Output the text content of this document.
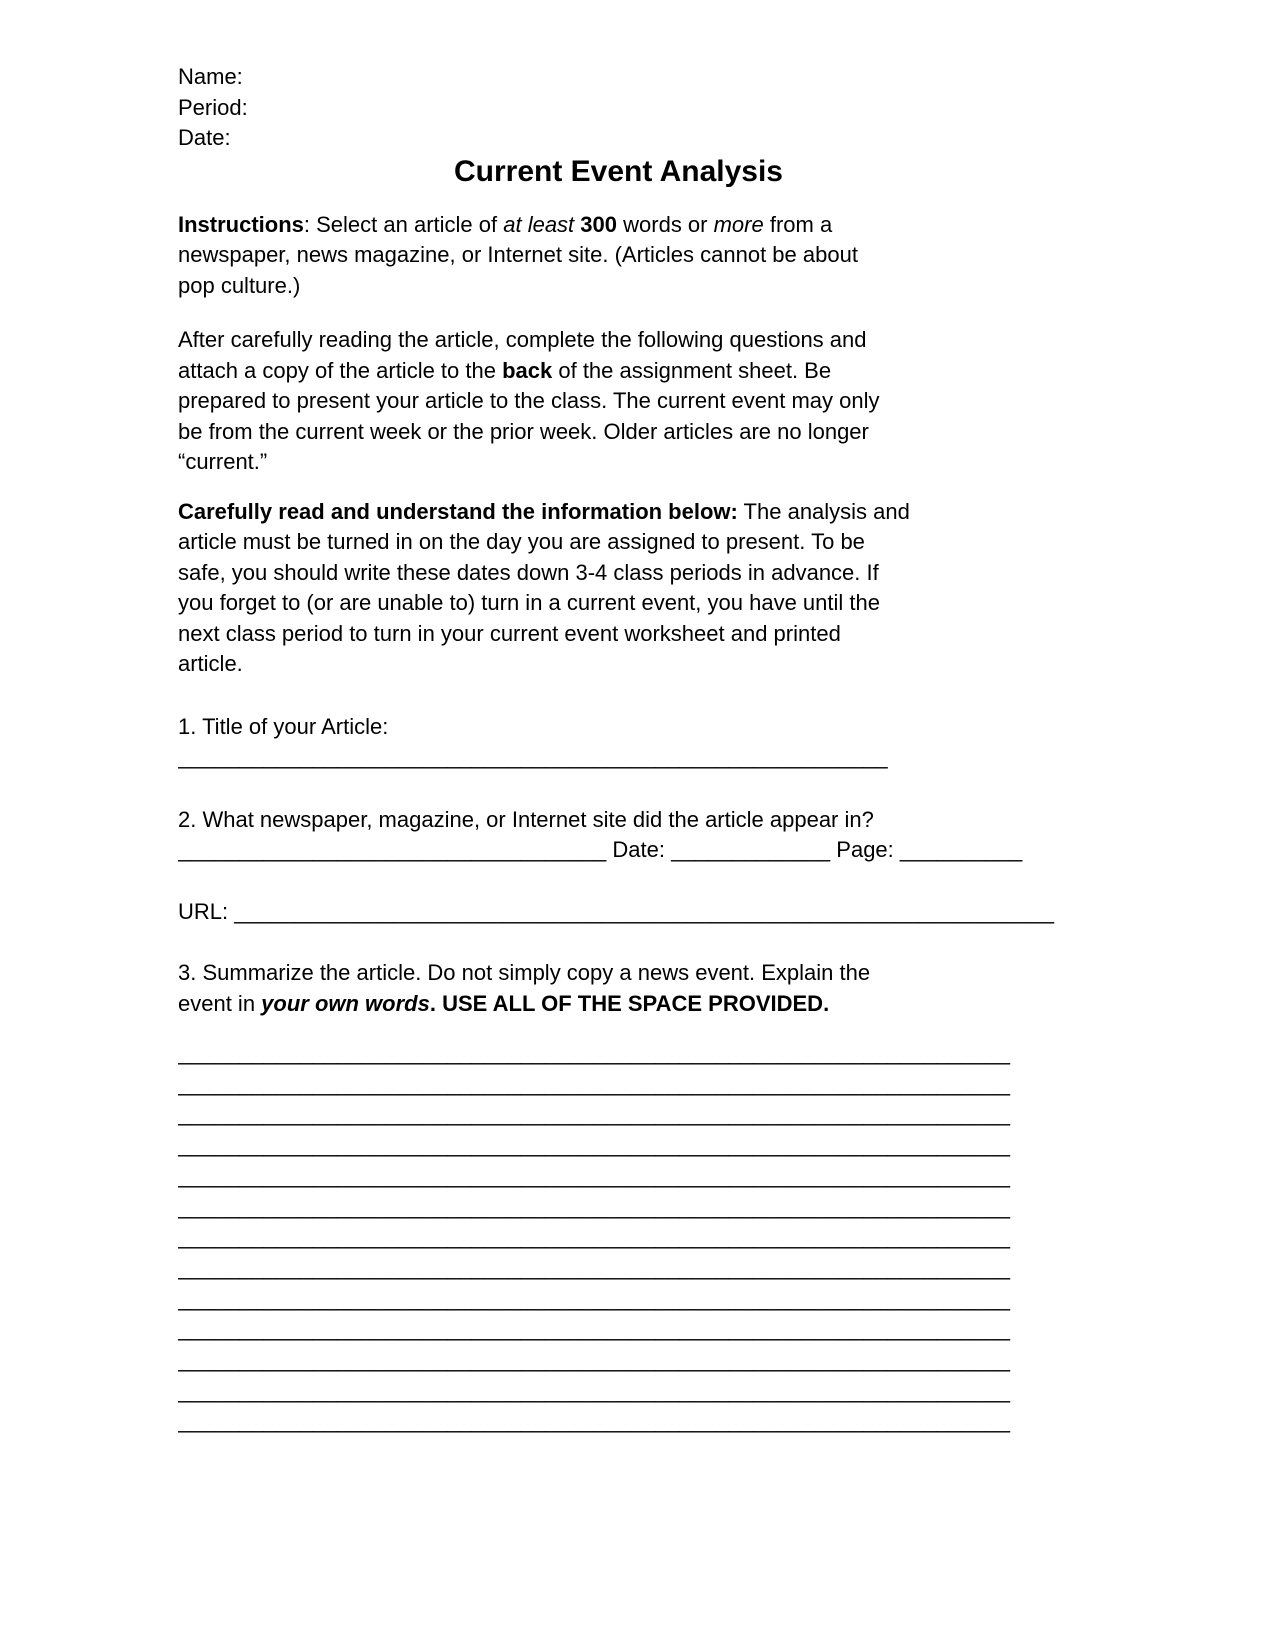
Name:
Period:
Date:
Current Event Analysis
Instructions: Select an article of at least 300 words or more from a
newspaper, news magazine, or Internet site. (Articles cannot be about
pop culture.)
After carefully reading the article, complete the following questions and
attach a copy of the article to the back of the assignment sheet. Be
prepared to present your article to the class. The current event may only
be from the current week or the prior week. Older articles are no longer
“current.”
Carefully read and understand the information below: The analysis and
article must be turned in on the day you are assigned to present. To be
safe, you should write these dates down 3-4 class periods in advance. If
you forget to (or are unable to) turn in a current event, you have until the
next class period to turn in your current event worksheet and printed
article.
1. Title of your Article:
__________________________________________________________
2. What newspaper, magazine, or Internet site did the article appear in?
___________________________________ Date: _____________ Page: __________
URL: ___________________________________________________________________
3. Summarize the article. Do not simply copy a news event. Explain the
event in your own words. USE ALL OF THE SPACE PROVIDED.
____________________________________________________________________
____________________________________________________________________
____________________________________________________________________
____________________________________________________________________
____________________________________________________________________
____________________________________________________________________
____________________________________________________________________
____________________________________________________________________
____________________________________________________________________
____________________________________________________________________
____________________________________________________________________
____________________________________________________________________
____________________________________________________________________
